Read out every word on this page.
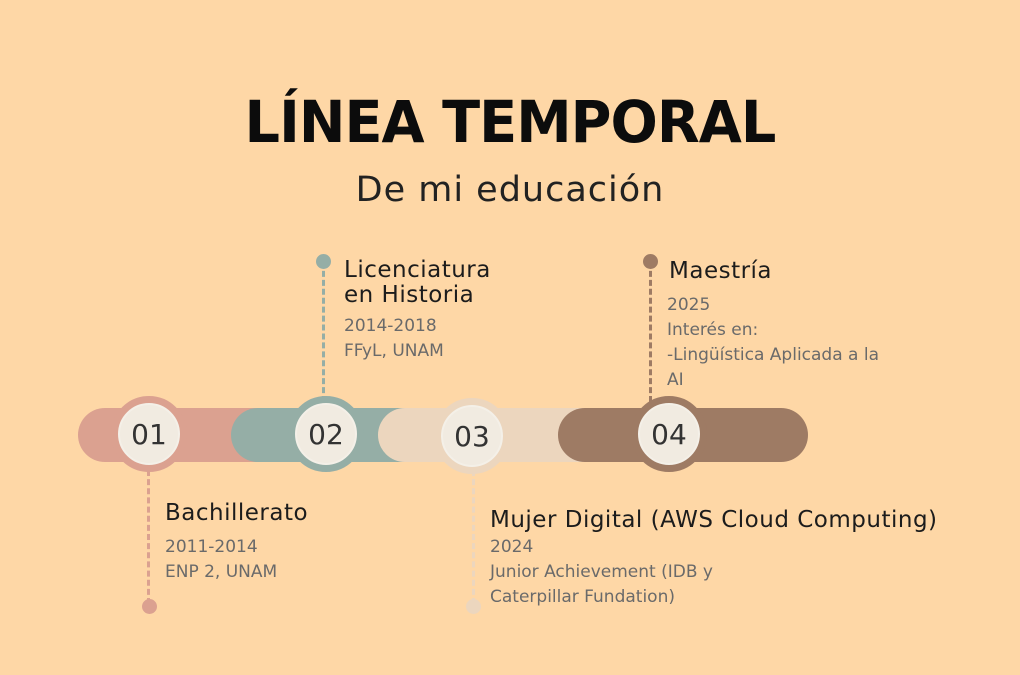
LÍNEA TEMPORAL
De mi educación
01	02	03	04
Bachillerato
2011-2014
ENP 2, UNAM
Licenciatura
en Historia
2014-2018
FFyL, UNAM
Mujer Digital (AWS Cloud Computing)
2024
Junior Achievement (IDB y
Caterpillar Fundation)
Maestría
2025
Interés en:
-Lingüística Aplicada a la
AI
